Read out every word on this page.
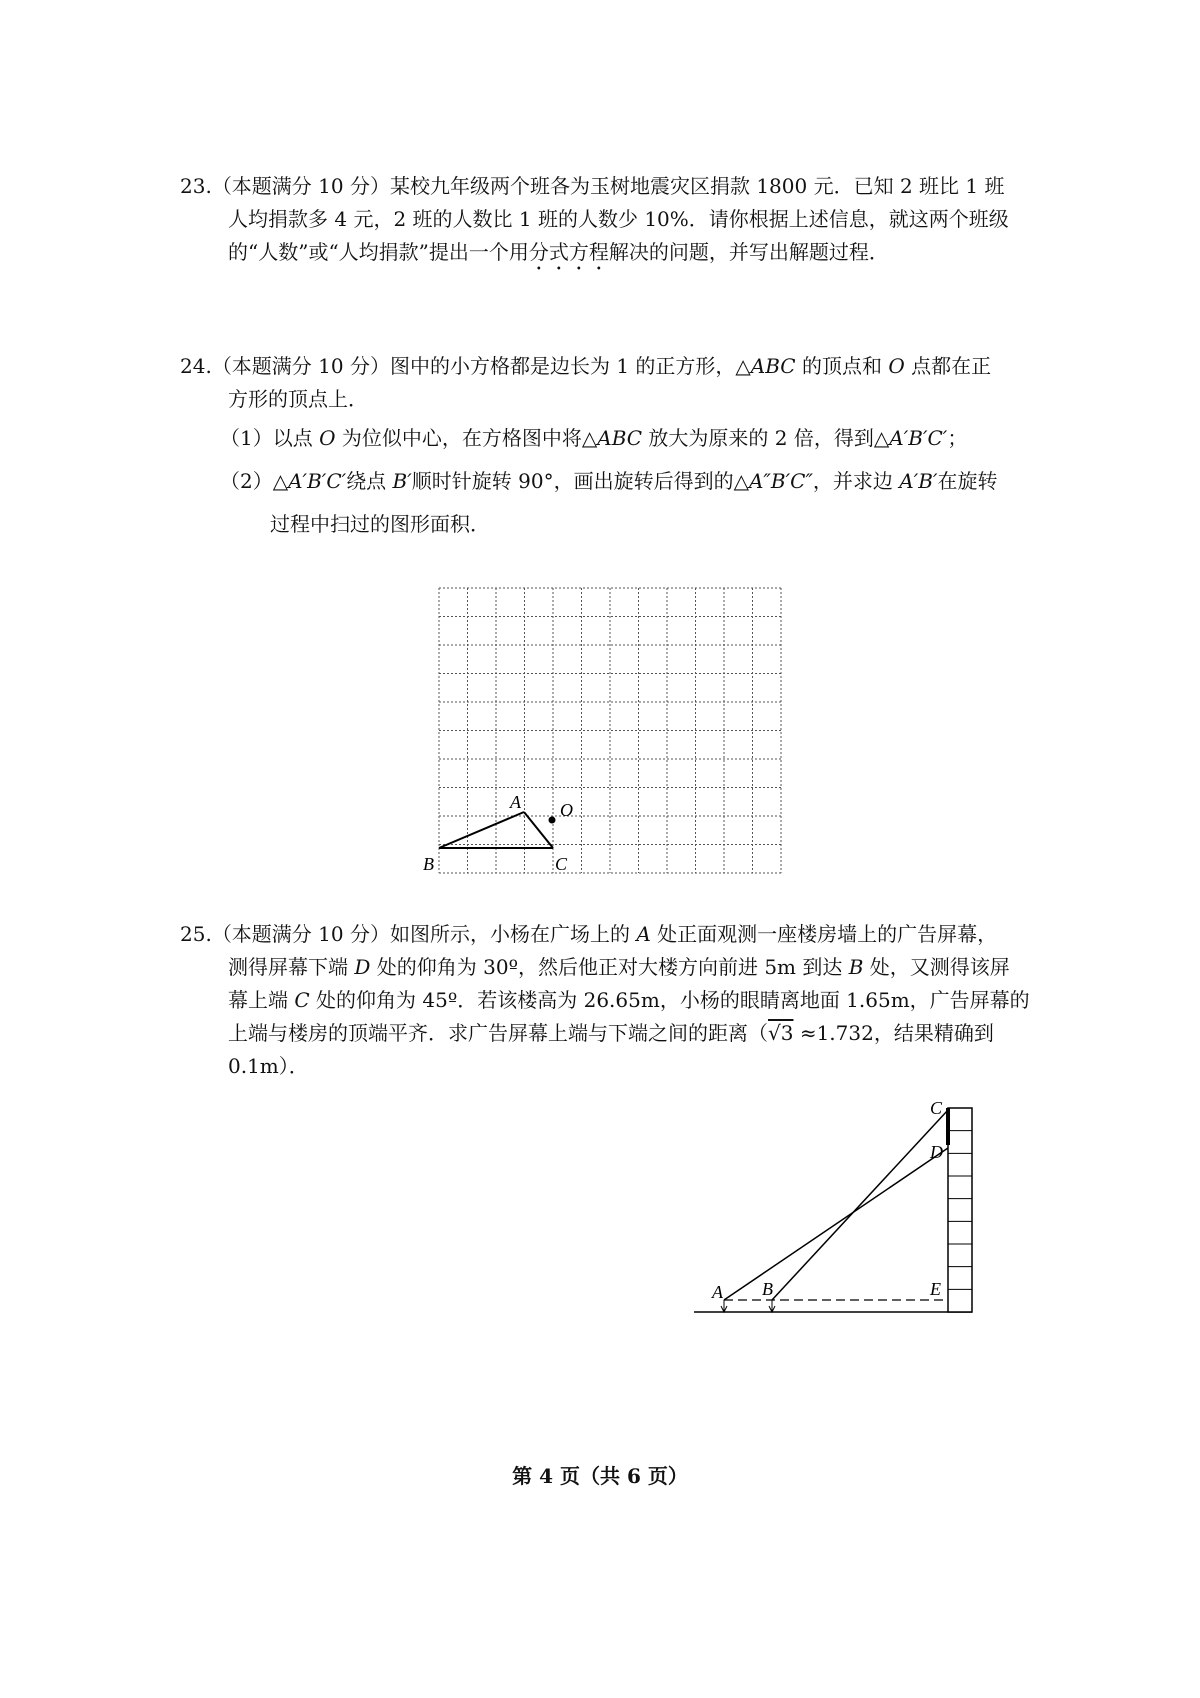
23.（本题满分 10 分）某校九年级两个班各为玉树地震灾区捐款 1800 元．已知 2 班比 1 班

人均捐款多 4 元，2 班的人数比 1 班的人数少 10%．请你根据上述信息，就这两个班级

的“人数”或“人均捐款”提出一个用分式方程解决的问题，并写出解题过程．

24.（本题满分 10 分）图中的小方格都是边长为 1 的正方形，△ABC 的顶点和 O 点都在正

方形的顶点上．

（1）以点 O 为位似中心，在方格图中将△ABC 放大为原来的 2 倍，得到△A′B′C′；

（2）△A′B′C′绕点 B′顺时针旋转 90°，画出旋转后得到的△A″B′C″，并求边 A′B′在旋转

过程中扫过的图形面积．

A O
B	C

25.（本题满分 10 分）如图所示，小杨在广场上的 A 处正面观测一座楼房墙上的广告屏幕，

测得屏幕下端 D 处的仰角为 30º，然后他正对大楼方向前进 5m 到达 B 处，又测得该屏

幕上端 C 处的仰角为 45º．若该楼高为 26.65m，小杨的眼睛离地面 1.65m，广告屏幕的

上端与楼房的顶端平齐．求广告屏幕上端与下端之间的距离（√3 ≈1.732，结果精确到

0.1m）．

C
D
A B	E
第 4 页（共 6 页）
